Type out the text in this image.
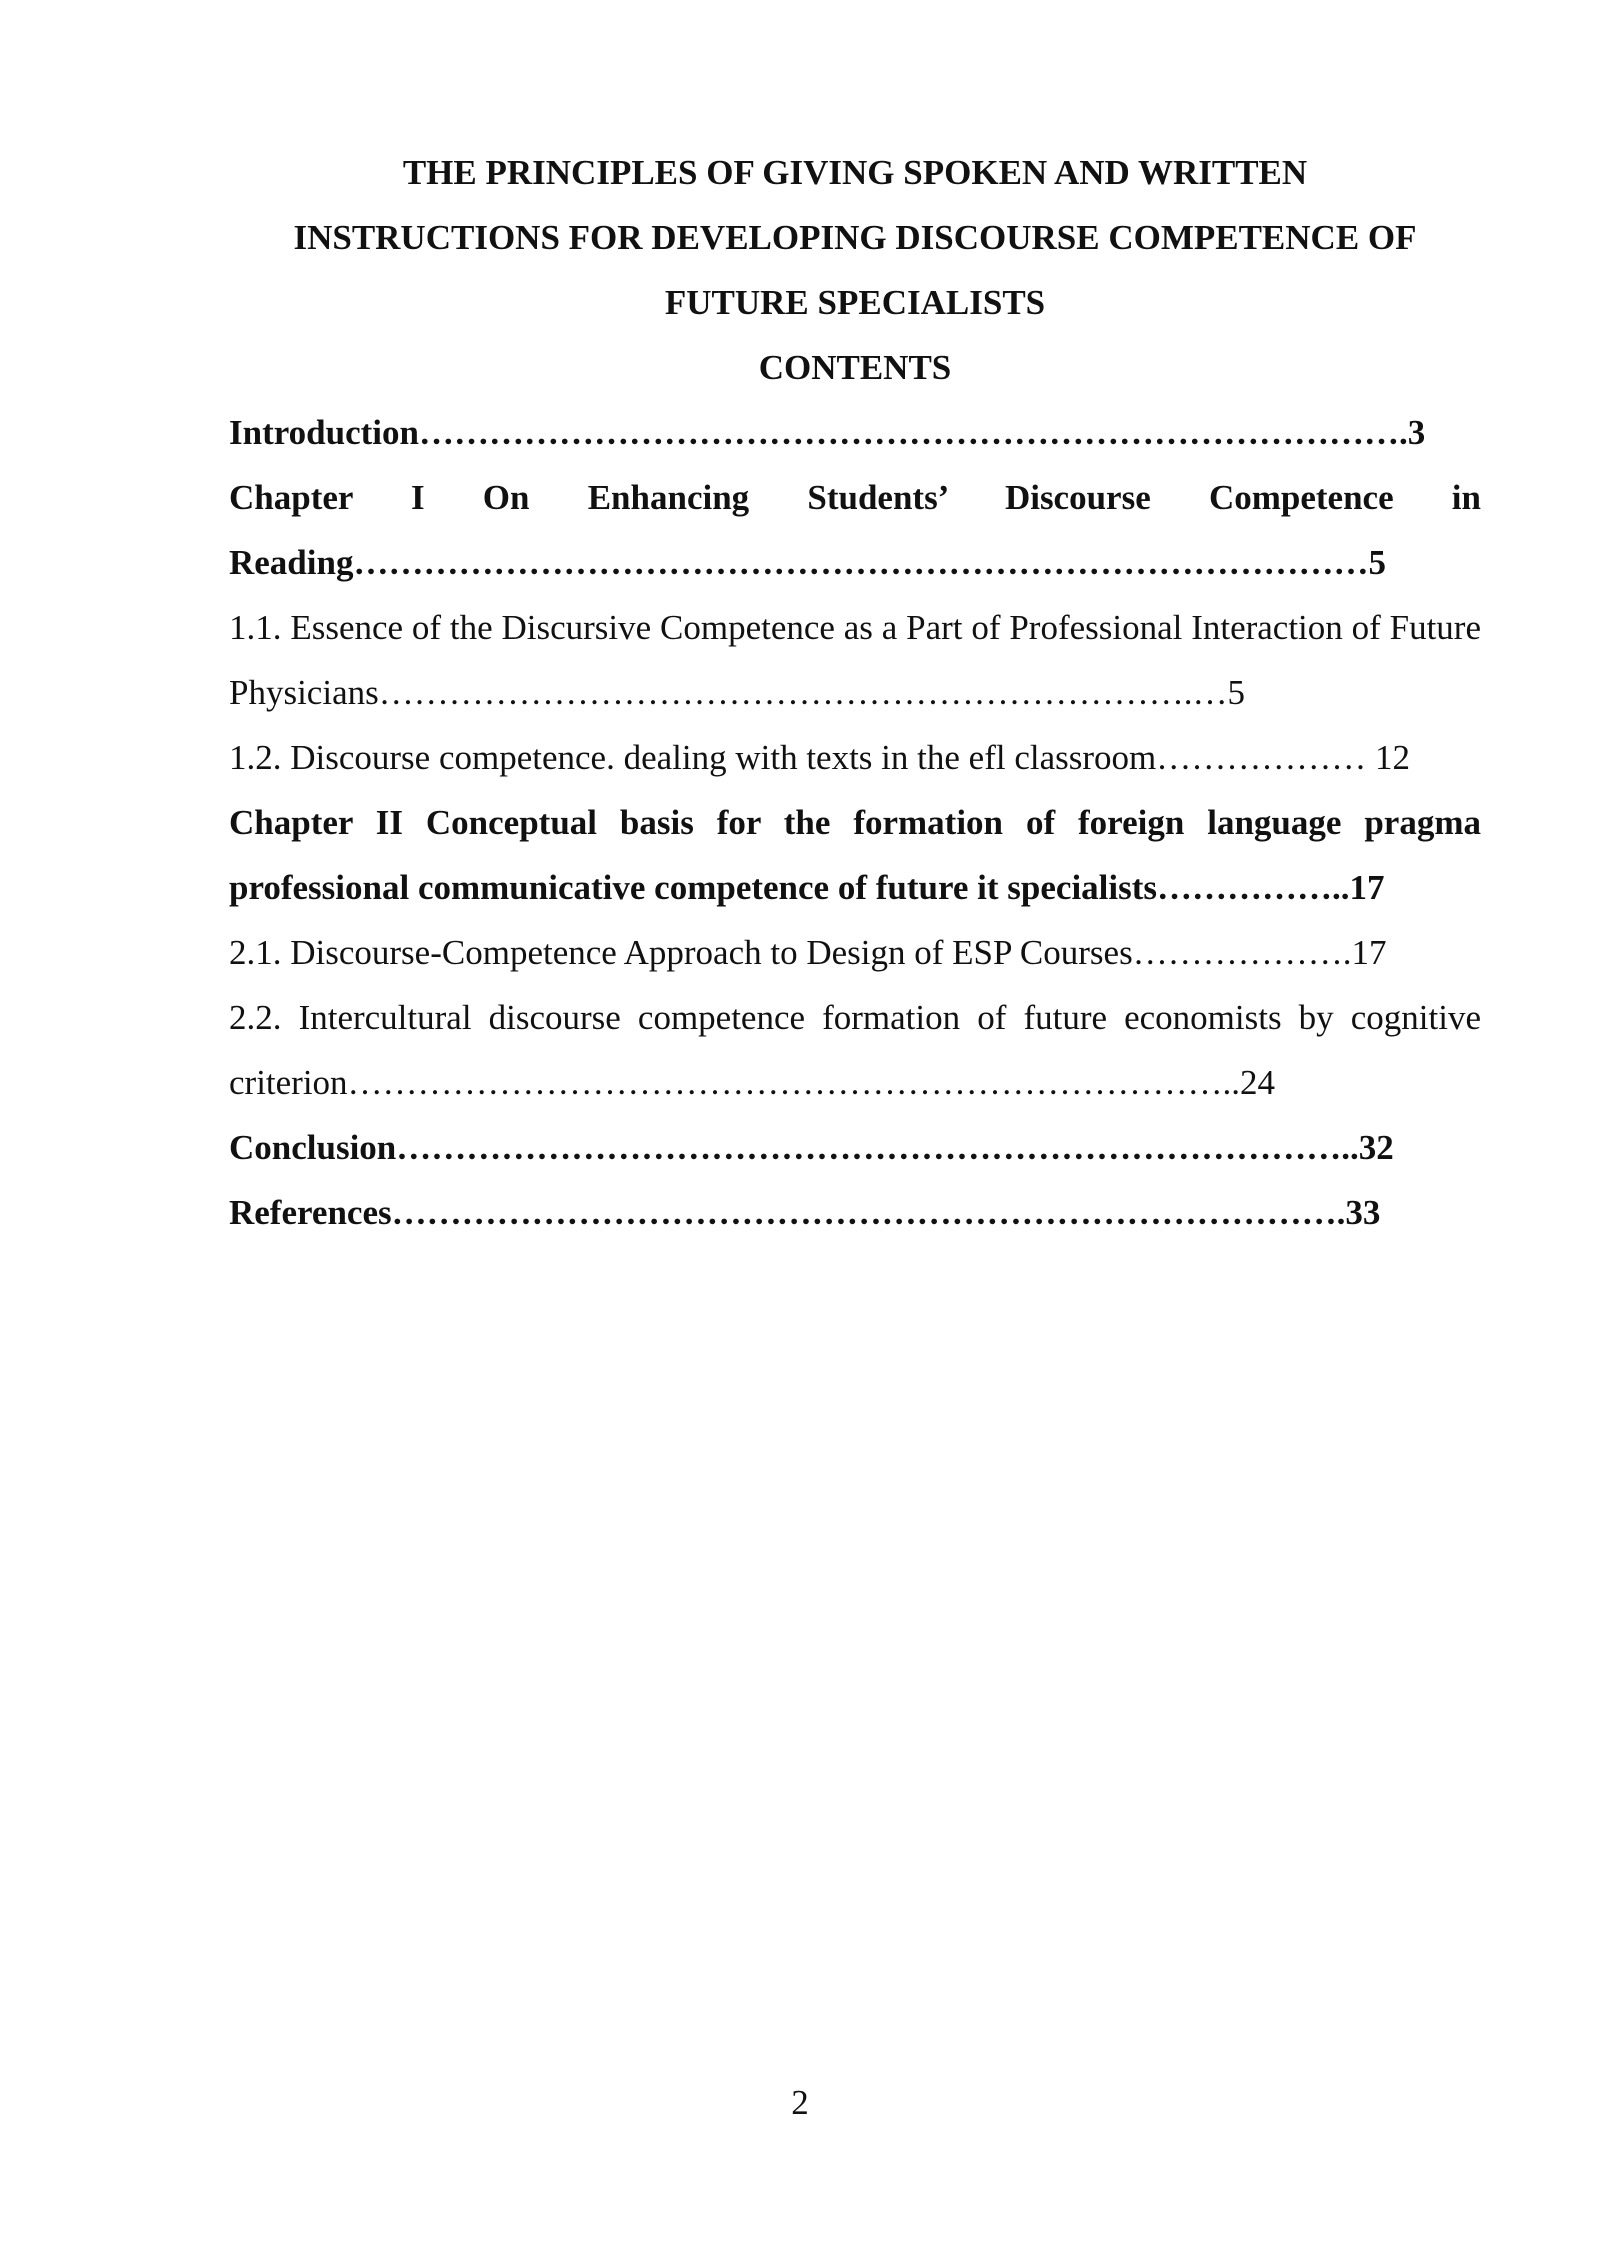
THE PRINCIPLES OF GIVING SPOKEN AND WRITTEN

INSTRUCTIONS FOR DEVELOPING DISCOURSE COMPETENCE OF

FUTURE SPECIALISTS

CONTENTS

Introduction………………………………………………………………………….3

Chapter I On Enhancing Students’ Discourse Competence in Reading……………………………………………………………………………5

1.1. Essence of the Discursive Competence as a Part of Professional Interaction of Future Physicians…………………………………………………………….…5

1.2. Discourse competence. dealing with texts in the efl classroom……………… 12

Chapter II Conceptual basis for the formation of foreign language pragma professional communicative competence of future it specialists……………..17

2.1. Discourse-Competence Approach to Design of ESP Courses……………….17

2.2. Intercultural discourse competence formation of future economists by cognitive criterion…………………………………………………………………..24

Conclusion………………………………………………………………………..32

References……………………………………………………………………….33

2
